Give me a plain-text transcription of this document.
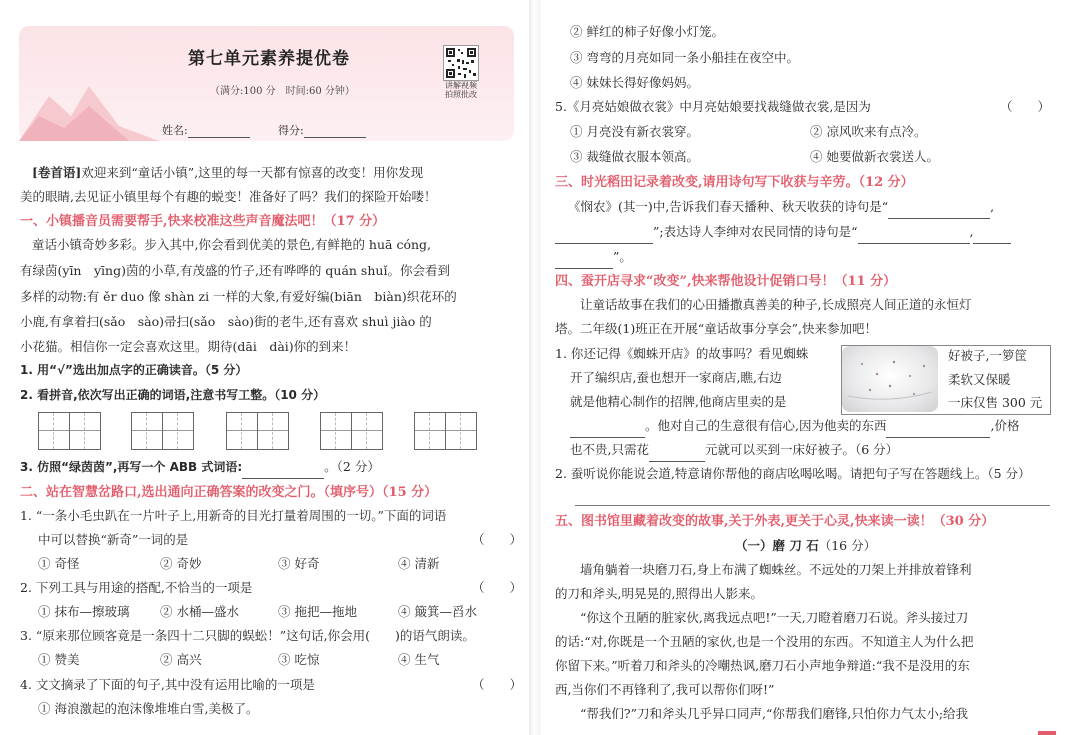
第七单元素养提优卷
（满分:100 分　时间:60 分钟）
讲解视频
拍照批改
姓名:	得分:
[卷首语]欢迎来到“童话小镇”,这里的每一天都有惊喜的改变！用你发现
美的眼睛,去见证小镇里每个有趣的蜕变！准备好了吗？我们的探险开始喽！
一、小镇播音员需要帮手,快来校准这些声音魔法吧！（17 分）
童话小镇奇妙多彩。步入其中,你会看到优美的景色,有鲜艳的 huā cóng,
有绿茵(yīn　yīng)茵的小草,有茂盛的竹子,还有哗哗的 quán shuǐ。你会看到
多样的动物:有 ěr duo 像 shàn zi 一样的大象,有爱好编(biān　biàn)织花环的
小鹿,有拿着扫(sǎo　sào)帚扫(sǎo　sào)街的老牛,还有喜欢 shuì jiào 的
小花猫。相信你一定会喜欢这里。期待(dāi　dài)你的到来！
1. 用“√”选出加点字的正确读音。（5 分）
2. 看拼音,依次写出正确的词语,注意书写工整。（10 分）
3. 仿照“绿茵茵”,再写一个 ABB 式词语:	。（2 分）
二、站在智慧岔路口,选出通向正确答案的改变之门。（填序号）（15 分）
1. “一条小毛虫趴在一片叶子上,用新奇的目光打量着周围的一切。”下面的词语
中可以替换“新奇”一词的是	（　　）
① 奇怪	② 奇妙	③ 好奇	④ 清新
2. 下列工具与用途的搭配,不恰当的一项是	（　　）
① 抹布—擦玻璃 ② 水桶—盛水	③ 拖把—拖地	④ 簸箕—舀水
3. “原来那位顾客竟是一条四十二只脚的蜈蚣！”这句话,你会用(　　)的语气朗读。
① 赞美	② 高兴	③ 吃惊	④ 生气
4. 文文摘录了下面的句子,其中没有运用比喻的一项是	（　　）
① 海浪激起的泡沫像堆堆白雪,美极了。
② 鲜红的柿子好像小灯笼。
③ 弯弯的月亮如同一条小船挂在夜空中。
④ 妹妹长得好像妈妈。
5.《月亮姑娘做衣裳》中月亮姑娘要找裁缝做衣裳,是因为	（　　）
① 月亮没有新衣裳穿。	② 凉风吹来有点冷。
③ 裁缝做衣服本领高。	④ 她要做新衣裳送人。
三、时光稻田记录着改变,请用诗句写下收获与辛劳。（12 分）
《悯农》(其一)中,告诉我们春天播种、秋天收获的诗句是“	,
”;表达诗人李绅对农民同情的诗句是“	,
”。
四、蚕开店寻求“改变”,快来帮他设计促销口号！（11 分）
让童话故事在我们的心田播撒真善美的种子,长成照亮人间正道的永恒灯
塔。二年级(1)班正在开展“童话故事分享会”,快来参加吧！
1. 你还记得《蜘蛛开店》的故事吗？看见蜘蛛
开了编织店,蚕也想开一家商店,瞧,右边
就是他精心制作的招牌,他商店里卖的是
好被子,一箩筐
柔软又保暖
一床仅售 300 元
。他对自己的生意很有信心,因为他卖的东西	,价格
也不贵,只需花	元就可以买到一床好被子。（6 分）
2. 蚕听说你能说会道,特意请你帮他的商店吆喝吆喝。请把句子写在答题线上。（5 分）
五、图书馆里藏着改变的故事,关于外表,更关于心灵,快来读一读！（30 分）
（一）磨 刀 石（16 分）
墙角躺着一块磨刀石,身上布满了蜘蛛丝。不远处的刀架上并排放着锋利
的刀和斧头,明晃晃的,照得出人影来。
“你这个丑陋的脏家伙,离我远点吧!”一天,刀瞪着磨刀石说。斧头接过刀
的话:“对,你既是一个丑陋的家伙,也是一个没用的东西。不知道主人为什么把
你留下来。”听着刀和斧头的冷嘲热讽,磨刀石小声地争辩道:“我不是没用的东
西,当你们不再锋利了,我可以帮你们呀!”
“帮我们?”刀和斧头几乎异口同声,“你帮我们磨锋,只怕你力气太小;给我
